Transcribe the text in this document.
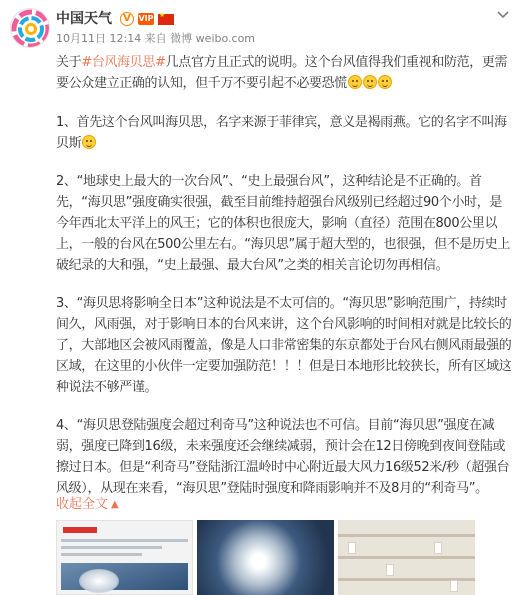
中国天气	V VIP
★
10月11日 12:14 来自 微博 weibo.com
关于#台风海贝思#几点官方且正式的说明。这个台风值得我们重视和防范，更需要公众建立正确的认知，但千万不要引起不必要恐慌
1、首先这个台风叫海贝思，名字来源于菲律宾，意义是褐雨燕。它的名字不叫海贝斯
2、“地球史上最大的一次台风”、“史上最强台风”，这种结论是不正确的。首先，“海贝思”强度确实很强，截至目前维持超强台风级别已经超过90个小时，是今年西北太平洋上的风王；它的体积也很庞大，影响（直径）范围在800公里以上，一般的台风在500公里左右。“海贝思”属于超大型的，也很强，但不是历史上破纪录的大和强，“史上最强、最大台风”之类的相关言论切勿再相信。
3、“海贝思将影响全日本”这种说法是不太可信的。“海贝思”影响范围广，持续时间久，风雨强，对于影响日本的台风来讲，这个台风影响的时间相对就是比较长的了，大部地区会被风雨覆盖，像是人口非常密集的东京都处于台风右侧风雨最强的区域，在这里的小伙伴一定要加强防范！！！但是日本地形比较狭长，所有区域这种说法不够严谨。
4、“海贝思登陆强度会超过利奇马”这种说法也不可信。目前“海贝思”强度在减弱，强度已降到16级，未来强度还会继续减弱，预计会在12日傍晚到夜间登陆或擦过日本。但是“利奇马”登陆浙江温岭时中心附近最大风力16级52米/秒（超强台风级），从现在来看，“海贝思”登陆时强度和降雨影响并不及8月的“利奇马”。
收起全文 ▲
